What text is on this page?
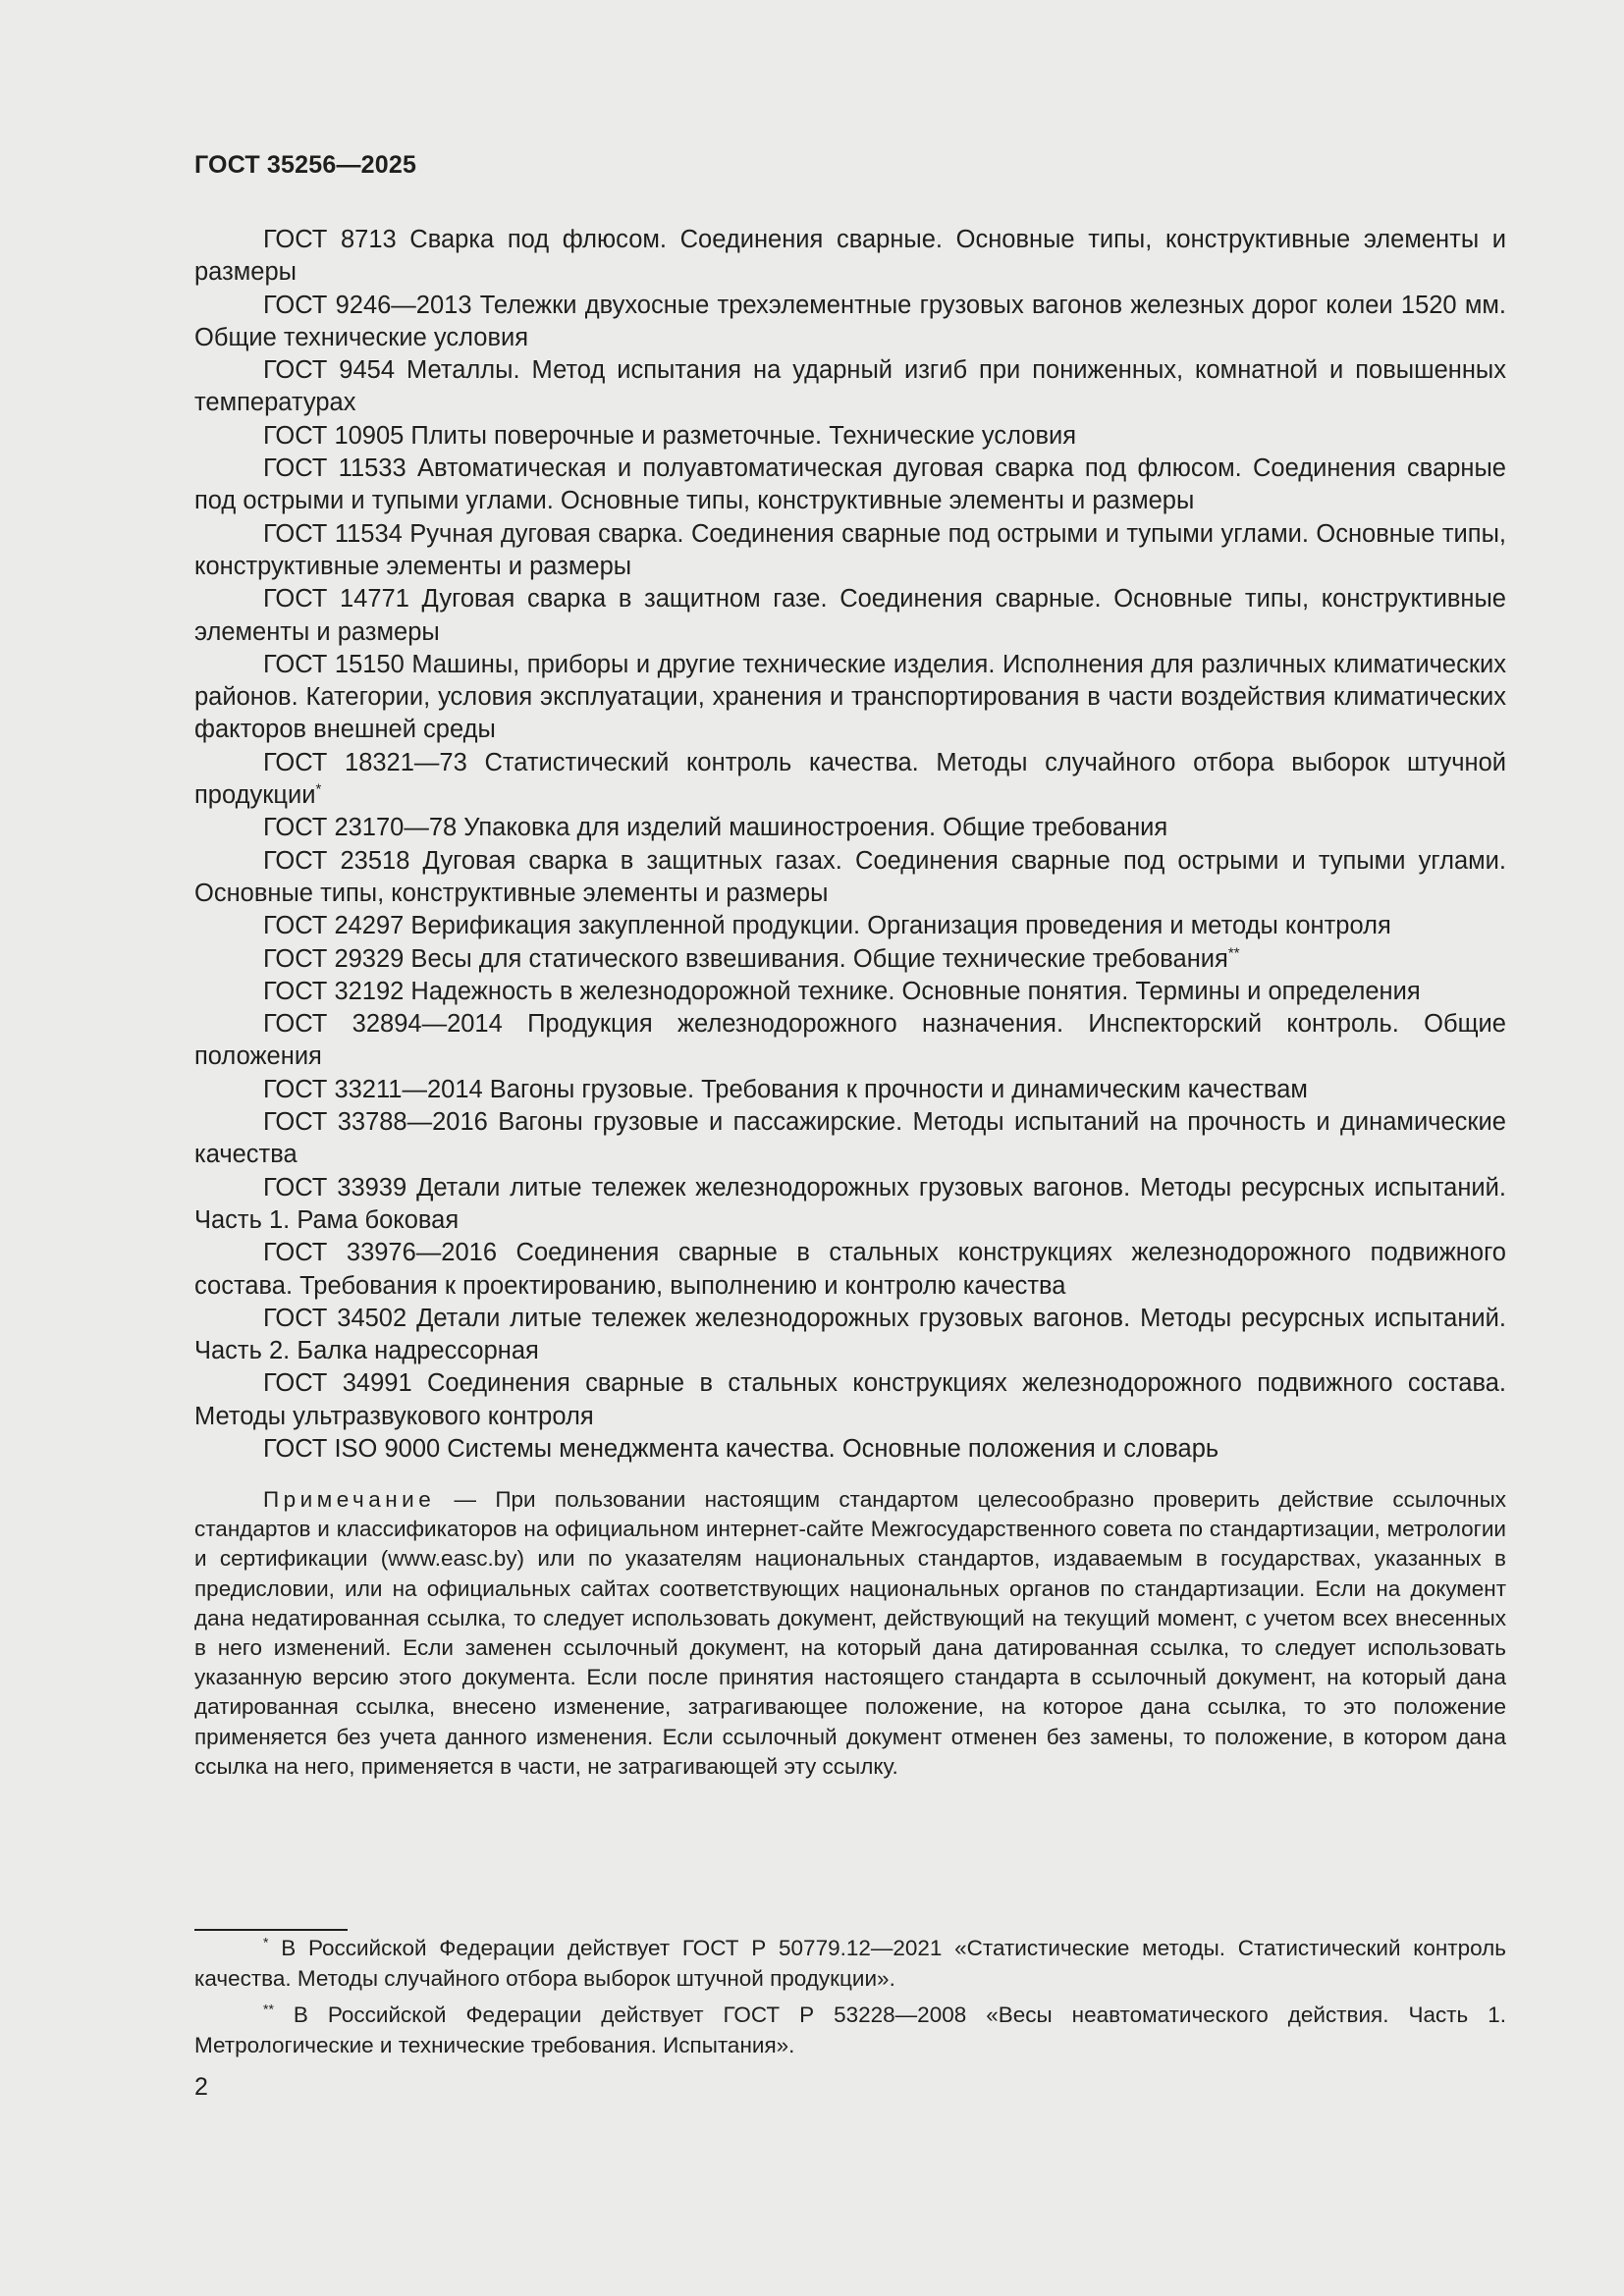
ГОСТ 35256—2025

ГОСТ 8713 Сварка под флюсом. Соединения сварные. Основные типы, конструктивные элементы и размеры

ГОСТ 9246—2013 Тележки двухосные трехэлементные грузовых вагонов железных дорог колеи 1520 мм. Общие технические условия

ГОСТ 9454 Металлы. Метод испытания на ударный изгиб при пониженных, комнатной и повышенных температурах

ГОСТ 10905 Плиты поверочные и разметочные. Технические условия

ГОСТ 11533 Автоматическая и полуавтоматическая дуговая сварка под флюсом. Соединения сварные под острыми и тупыми углами. Основные типы, конструктивные элементы и размеры

ГОСТ 11534 Ручная дуговая сварка. Соединения сварные под острыми и тупыми углами. Основные типы, конструктивные элементы и размеры

ГОСТ 14771 Дуговая сварка в защитном газе. Соединения сварные. Основные типы, конструктивные элементы и размеры

ГОСТ 15150 Машины, приборы и другие технические изделия. Исполнения для различных климатических районов. Категории, условия эксплуатации, хранения и транспортирования в части воздействия климатических факторов внешней среды

ГОСТ 18321—73 Статистический контроль качества. Методы случайного отбора выборок штучной продукции*

ГОСТ 23170—78 Упаковка для изделий машиностроения. Общие требования

ГОСТ 23518 Дуговая сварка в защитных газах. Соединения сварные под острыми и тупыми углами. Основные типы, конструктивные элементы и размеры

ГОСТ 24297 Верификация закупленной продукции. Организация проведения и методы контроля

ГОСТ 29329 Весы для статического взвешивания. Общие технические требования**

ГОСТ 32192 Надежность в железнодорожной технике. Основные понятия. Термины и определения

ГОСТ 32894—2014 Продукция железнодорожного назначения. Инспекторский контроль. Общие положения

ГОСТ 33211—2014 Вагоны грузовые. Требования к прочности и динамическим качествам

ГОСТ 33788—2016 Вагоны грузовые и пассажирские. Методы испытаний на прочность и динамические качества

ГОСТ 33939 Детали литые тележек железнодорожных грузовых вагонов. Методы ресурсных испытаний. Часть 1. Рама боковая

ГОСТ 33976—2016 Соединения сварные в стальных конструкциях железнодорожного подвижного состава. Требования к проектированию, выполнению и контролю качества

ГОСТ 34502 Детали литые тележек железнодорожных грузовых вагонов. Методы ресурсных испытаний. Часть 2. Балка надрессорная

ГОСТ 34991 Соединения сварные в стальных конструкциях железнодорожного подвижного состава. Методы ультразвукового контроля

ГОСТ ISO 9000 Системы менеджмента качества. Основные положения и словарь

Примечание — При пользовании настоящим стандартом целесообразно проверить действие ссылочных стандартов и классификаторов на официальном интернет-сайте Межгосударственного совета по стандартизации, метрологии и сертификации (www.easc.by) или по указателям национальных стандартов, издаваемым в государствах, указанных в предисловии, или на официальных сайтах соответствующих национальных органов по стандартизации. Если на документ дана недатированная ссылка, то следует использовать документ, действующий на текущий момент, с учетом всех внесенных в него изменений. Если заменен ссылочный документ, на который дана датированная ссылка, то следует использовать указанную версию этого документа. Если после принятия настоящего стандарта в ссылочный документ, на который дана датированная ссылка, внесено изменение, затрагивающее положение, на которое дана ссылка, то это положение применяется без учета данного изменения. Если ссылочный документ отменен без замены, то положение, в котором дана ссылка на него, применяется в части, не затрагивающей эту ссылку.

* В Российской Федерации действует ГОСТ Р 50779.12—2021 «Статистические методы. Статистический контроль качества. Методы случайного отбора выборок штучной продукции».

** В Российской Федерации действует ГОСТ Р 53228—2008 «Весы неавтоматического действия. Часть 1. Метрологические и технические требования. Испытания».

2
